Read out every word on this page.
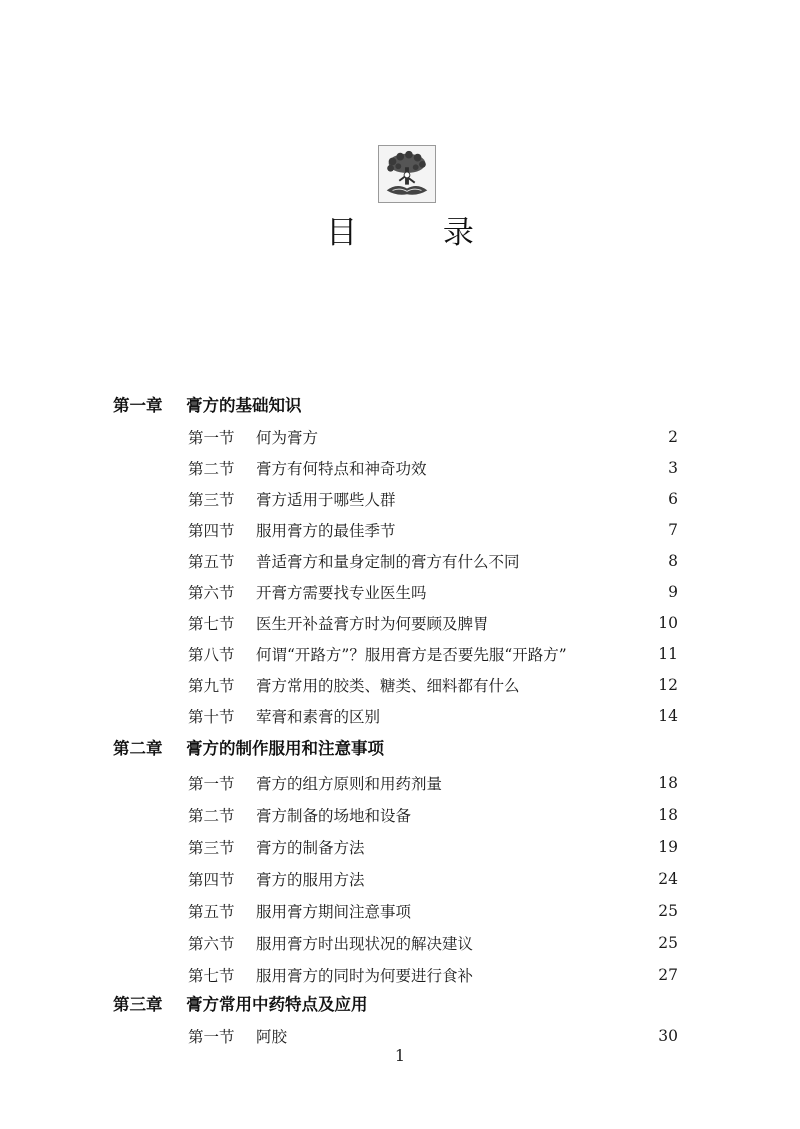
目 录
第一章 膏方的基础知识
第一节	何为膏方	2
第二节	膏方有何特点和神奇功效	3
第三节	膏方适用于哪些人群	6
第四节	服用膏方的最佳季节	7
第五节	普适膏方和量身定制的膏方有什么不同	8
第六节	开膏方需要找专业医生吗	9
第七节	医生开补益膏方时为何要顾及脾胃	10
第八节	何谓“开路方”？服用膏方是否要先服“开路方”	11
第九节	膏方常用的胶类、糖类、细料都有什么	12
第十节	荤膏和素膏的区别	14
第二章 膏方的制作服用和注意事项
第一节	膏方的组方原则和用药剂量	18
第二节	膏方制备的场地和设备	18
第三节	膏方的制备方法	19
第四节	膏方的服用方法	24
第五节	服用膏方期间注意事项	25
第六节	服用膏方时出现状况的解决建议	25
第七节	服用膏方的同时为何要进行食补	27
第三章 膏方常用中药特点及应用
第一节	阿胶	30
1
